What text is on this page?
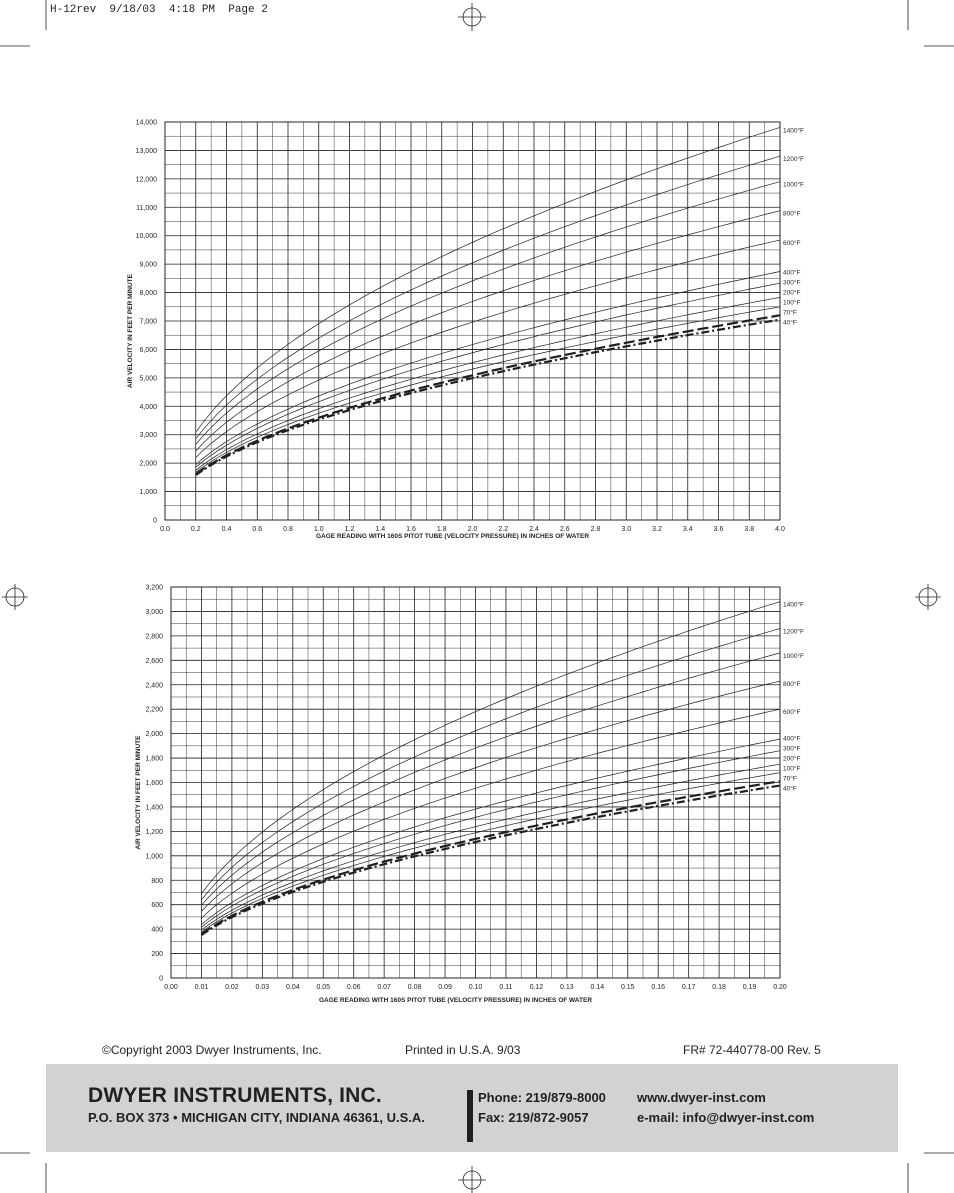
H-12rev  9/18/03  4:18 PM  Page 2
0.0	0.2	0.4	0.6	0.8	1.0	1.2	1.4	1.6	1.8	2.0	2.2	2.4	2.6	2.8	3.0	3.2	3.4	3.6	3.8	4.0
0
1,000
2,000
3,000
4,000
5,000
6,000
7,000
8,000
9,000
10,000
11,000
12,000
13,000
14,000
GAGE READING WITH 160S PITOT TUBE (VELOCITY PRESSURE) IN INCHES OF WATER
AIR VELOCITY IN FEET PER MINUTE
1400°F
1200°F
1000°F
800°F
600°F
400°F
300°F
200°F
100°F
70°F
40°F
0.00 0.01 0.02 0.03 0.04 0.05 0.06 0.07 0.08 0.09 0.10 0.11 0.12 0.13 0.14 0.15 0.16 0.17 0.18 0.19 0.20
0
200
400
600
800
1,000
1,200
1,400
1,600
1,800
2,000
2,200
2,400
2,600
2,800
3,000
3,200
GAGE READING WITH 160S PITOT TUBE (VELOCITY PRESSURE) IN INCHES OF WATER
AIR VELOCITY IN FEET PER MINUTE
1400°F
1200°F
1000°F
800°F
600°F
400°F
300°F
200°F
100°F
70°F
40°F
©Copyright 2003 Dwyer Instruments, Inc.	Printed in U.S.A. 9/03	FR# 72-440778-00 Rev. 5
DWYER INSTRUMENTS, INC.
P.O. BOX 373 • MICHIGAN CITY, INDIANA 46361, U.S.A.
Phone: 219/879-8000
Fax: 219/872-9057
www.dwyer-inst.com
e-mail: info@dwyer-inst.com
